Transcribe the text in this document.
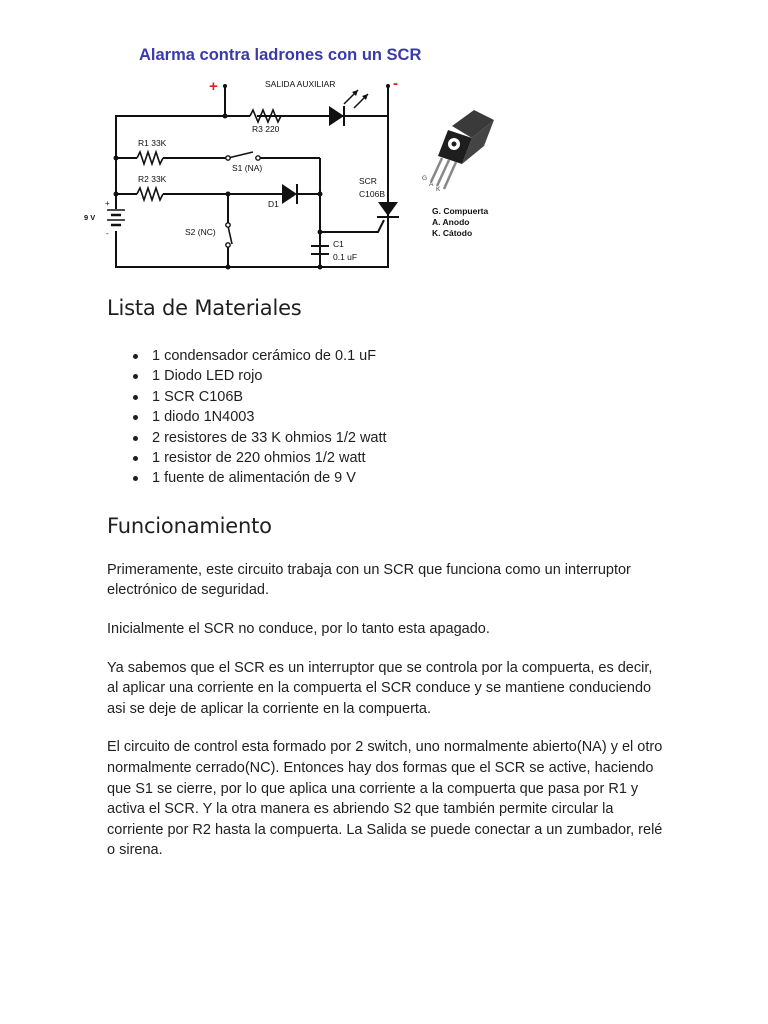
Alarma contra ladrones con un SCR
+	-
+
-
9 V
SALIDA AUXILIAR
R3 220
R1 33K
S1 (NA)
R2 33K
D1
SCR
C106B
S2 (NC)
C1
0.1 uF
G
A
K
G. Compuerta
A. Anodo
K. Cátodo
Lista de Materiales
1 condensador cerámico de 0.1 uF
1 Diodo LED rojo
1 SCR C106B
1 diodo 1N4003
2 resistores de 33 K ohmios 1/2 watt
1 resistor de 220 ohmios 1/2 watt
1 fuente de alimentación de 9 V
Funcionamiento

Primeramente, este circuito trabaja con un SCR que funciona como un interruptor electrónico de seguridad.

Inicialmente el SCR no conduce, por lo tanto esta apagado.

Ya sabemos que el SCR es un interruptor que se controla por la compuerta, es decir, al aplicar una corriente en la compuerta el SCR conduce y se mantiene conduciendo asi se deje de aplicar la corriente en la compuerta.

El circuito de control esta formado por 2 switch, uno normalmente abierto(NA) y el otro normalmente cerrado(NC). Entonces hay dos formas que el SCR se active, haciendo que S1 se cierre, por lo que aplica una corriente a la compuerta que pasa por R1 y activa el SCR. Y la otra manera es abriendo S2 que también permite circular la corriente por R2 hasta la compuerta. La Salida se puede conectar a un zumbador, relé o sirena.
